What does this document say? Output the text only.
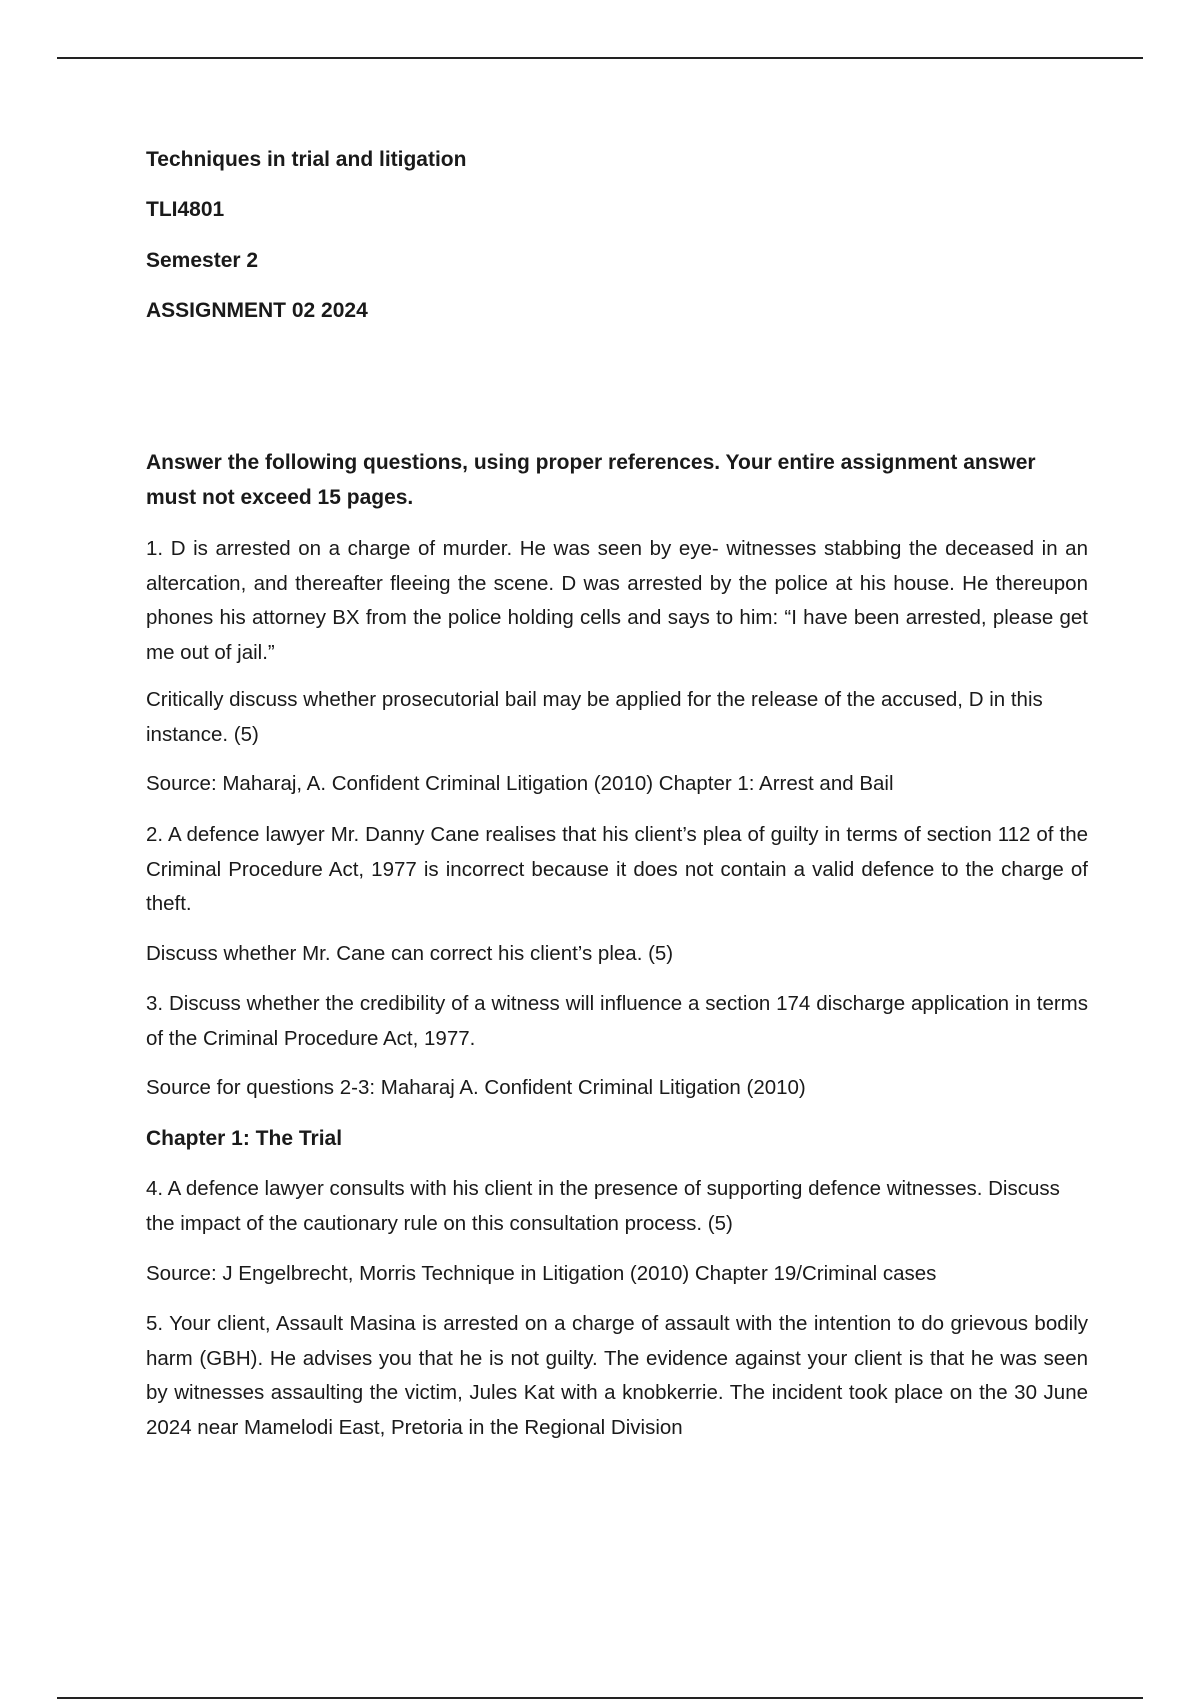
Techniques in trial and litigation
TLI4801
Semester 2
ASSIGNMENT 02 2024
Answer the following questions, using proper references. Your entire assignment answer must not exceed 15 pages.
1. D is arrested on a charge of murder. He was seen by eye- witnesses stabbing the deceased in an altercation, and thereafter fleeing the scene. D was arrested by the police at his house. He thereupon phones his attorney BX from the police holding cells and says to him: “I have been arrested, please get me out of jail.”
Critically discuss whether prosecutorial bail may be applied for the release of the accused, D in this instance. (5)
Source: Maharaj, A. Confident Criminal Litigation (2010) Chapter 1: Arrest and Bail
2. A defence lawyer Mr. Danny Cane realises that his client’s plea of guilty in terms of section 112 of the Criminal Procedure Act, 1977 is incorrect because it does not contain a valid defence to the charge of theft.
Discuss whether Mr. Cane can correct his client’s plea. (5)
3. Discuss whether the credibility of a witness will influence a section 174 discharge application in terms of the Criminal Procedure Act, 1977.
Source for questions 2-3: Maharaj A. Confident Criminal Litigation (2010)
Chapter 1: The Trial
4. A defence lawyer consults with his client in the presence of supporting defence witnesses. Discuss the impact of the cautionary rule on this consultation process. (5)
Source: J Engelbrecht, Morris Technique in Litigation (2010) Chapter 19/Criminal cases
5. Your client, Assault Masina is arrested on a charge of assault with the intention to do grievous bodily harm (GBH). He advises you that he is not guilty. The evidence against your client is that he was seen by witnesses assaulting the victim, Jules Kat with a knobkerrie. The incident took place on the 30 June 2024 near Mamelodi East, Pretoria in the Regional Division
